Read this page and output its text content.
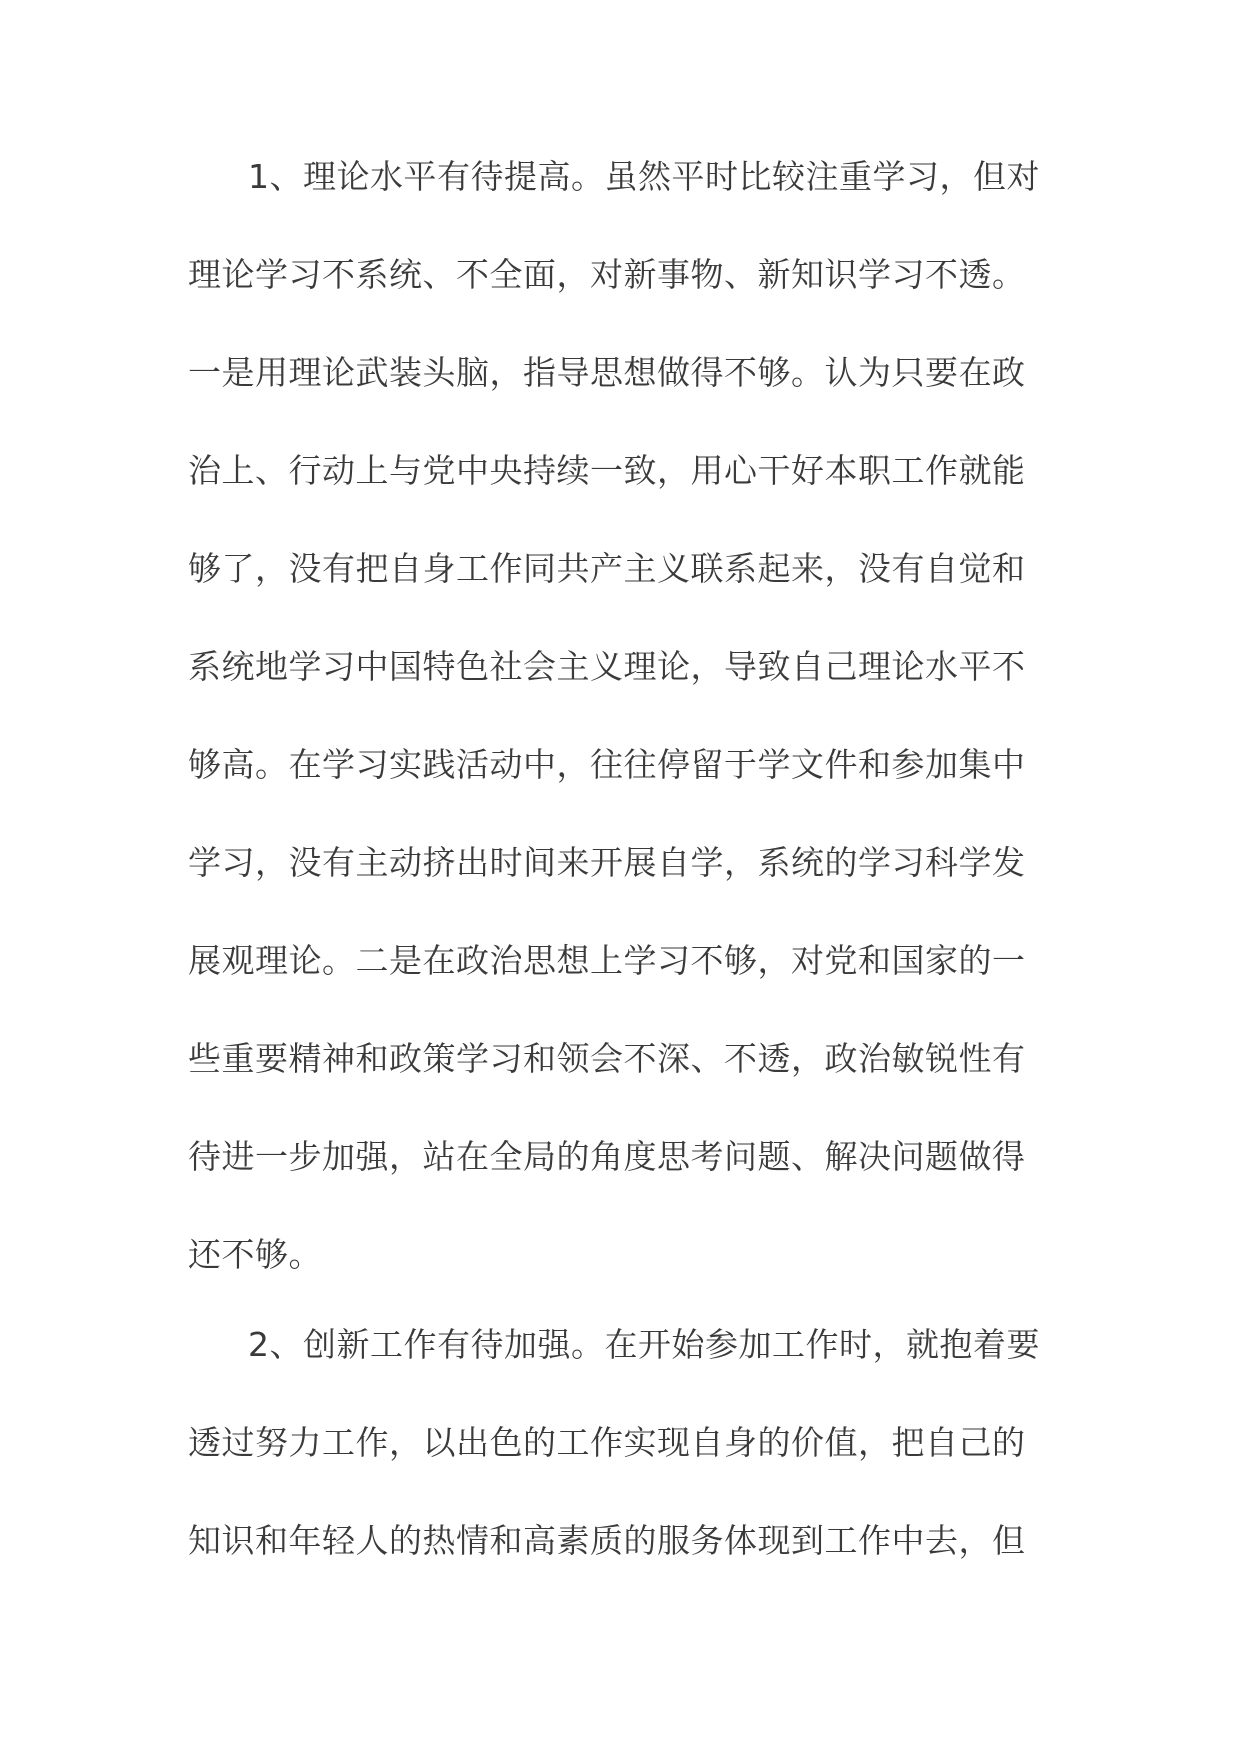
1、理论水平有待提高。虽然平时比较注重学习，但对
理论学习不系统、不全面，对新事物、新知识学习不透。
一是用理论武装头脑，指导思想做得不够。认为只要在政
治上、行动上与党中央持续一致，用心干好本职工作就能
够了，没有把自身工作同共产主义联系起来，没有自觉和
系统地学习中国特色社会主义理论，导致自己理论水平不
够高。在学习实践活动中，往往停留于学文件和参加集中
学习，没有主动挤出时间来开展自学，系统的学习科学发
展观理论。二是在政治思想上学习不够，对党和国家的一
些重要精神和政策学习和领会不深、不透，政治敏锐性有
待进一步加强，站在全局的角度思考问题、解决问题做得
还不够。
2、创新工作有待加强。在开始参加工作时，就抱着要
透过努力工作，以出色的工作实现自身的价值，把自己的
知识和年轻人的热情和高素质的服务体现到工作中去，但
